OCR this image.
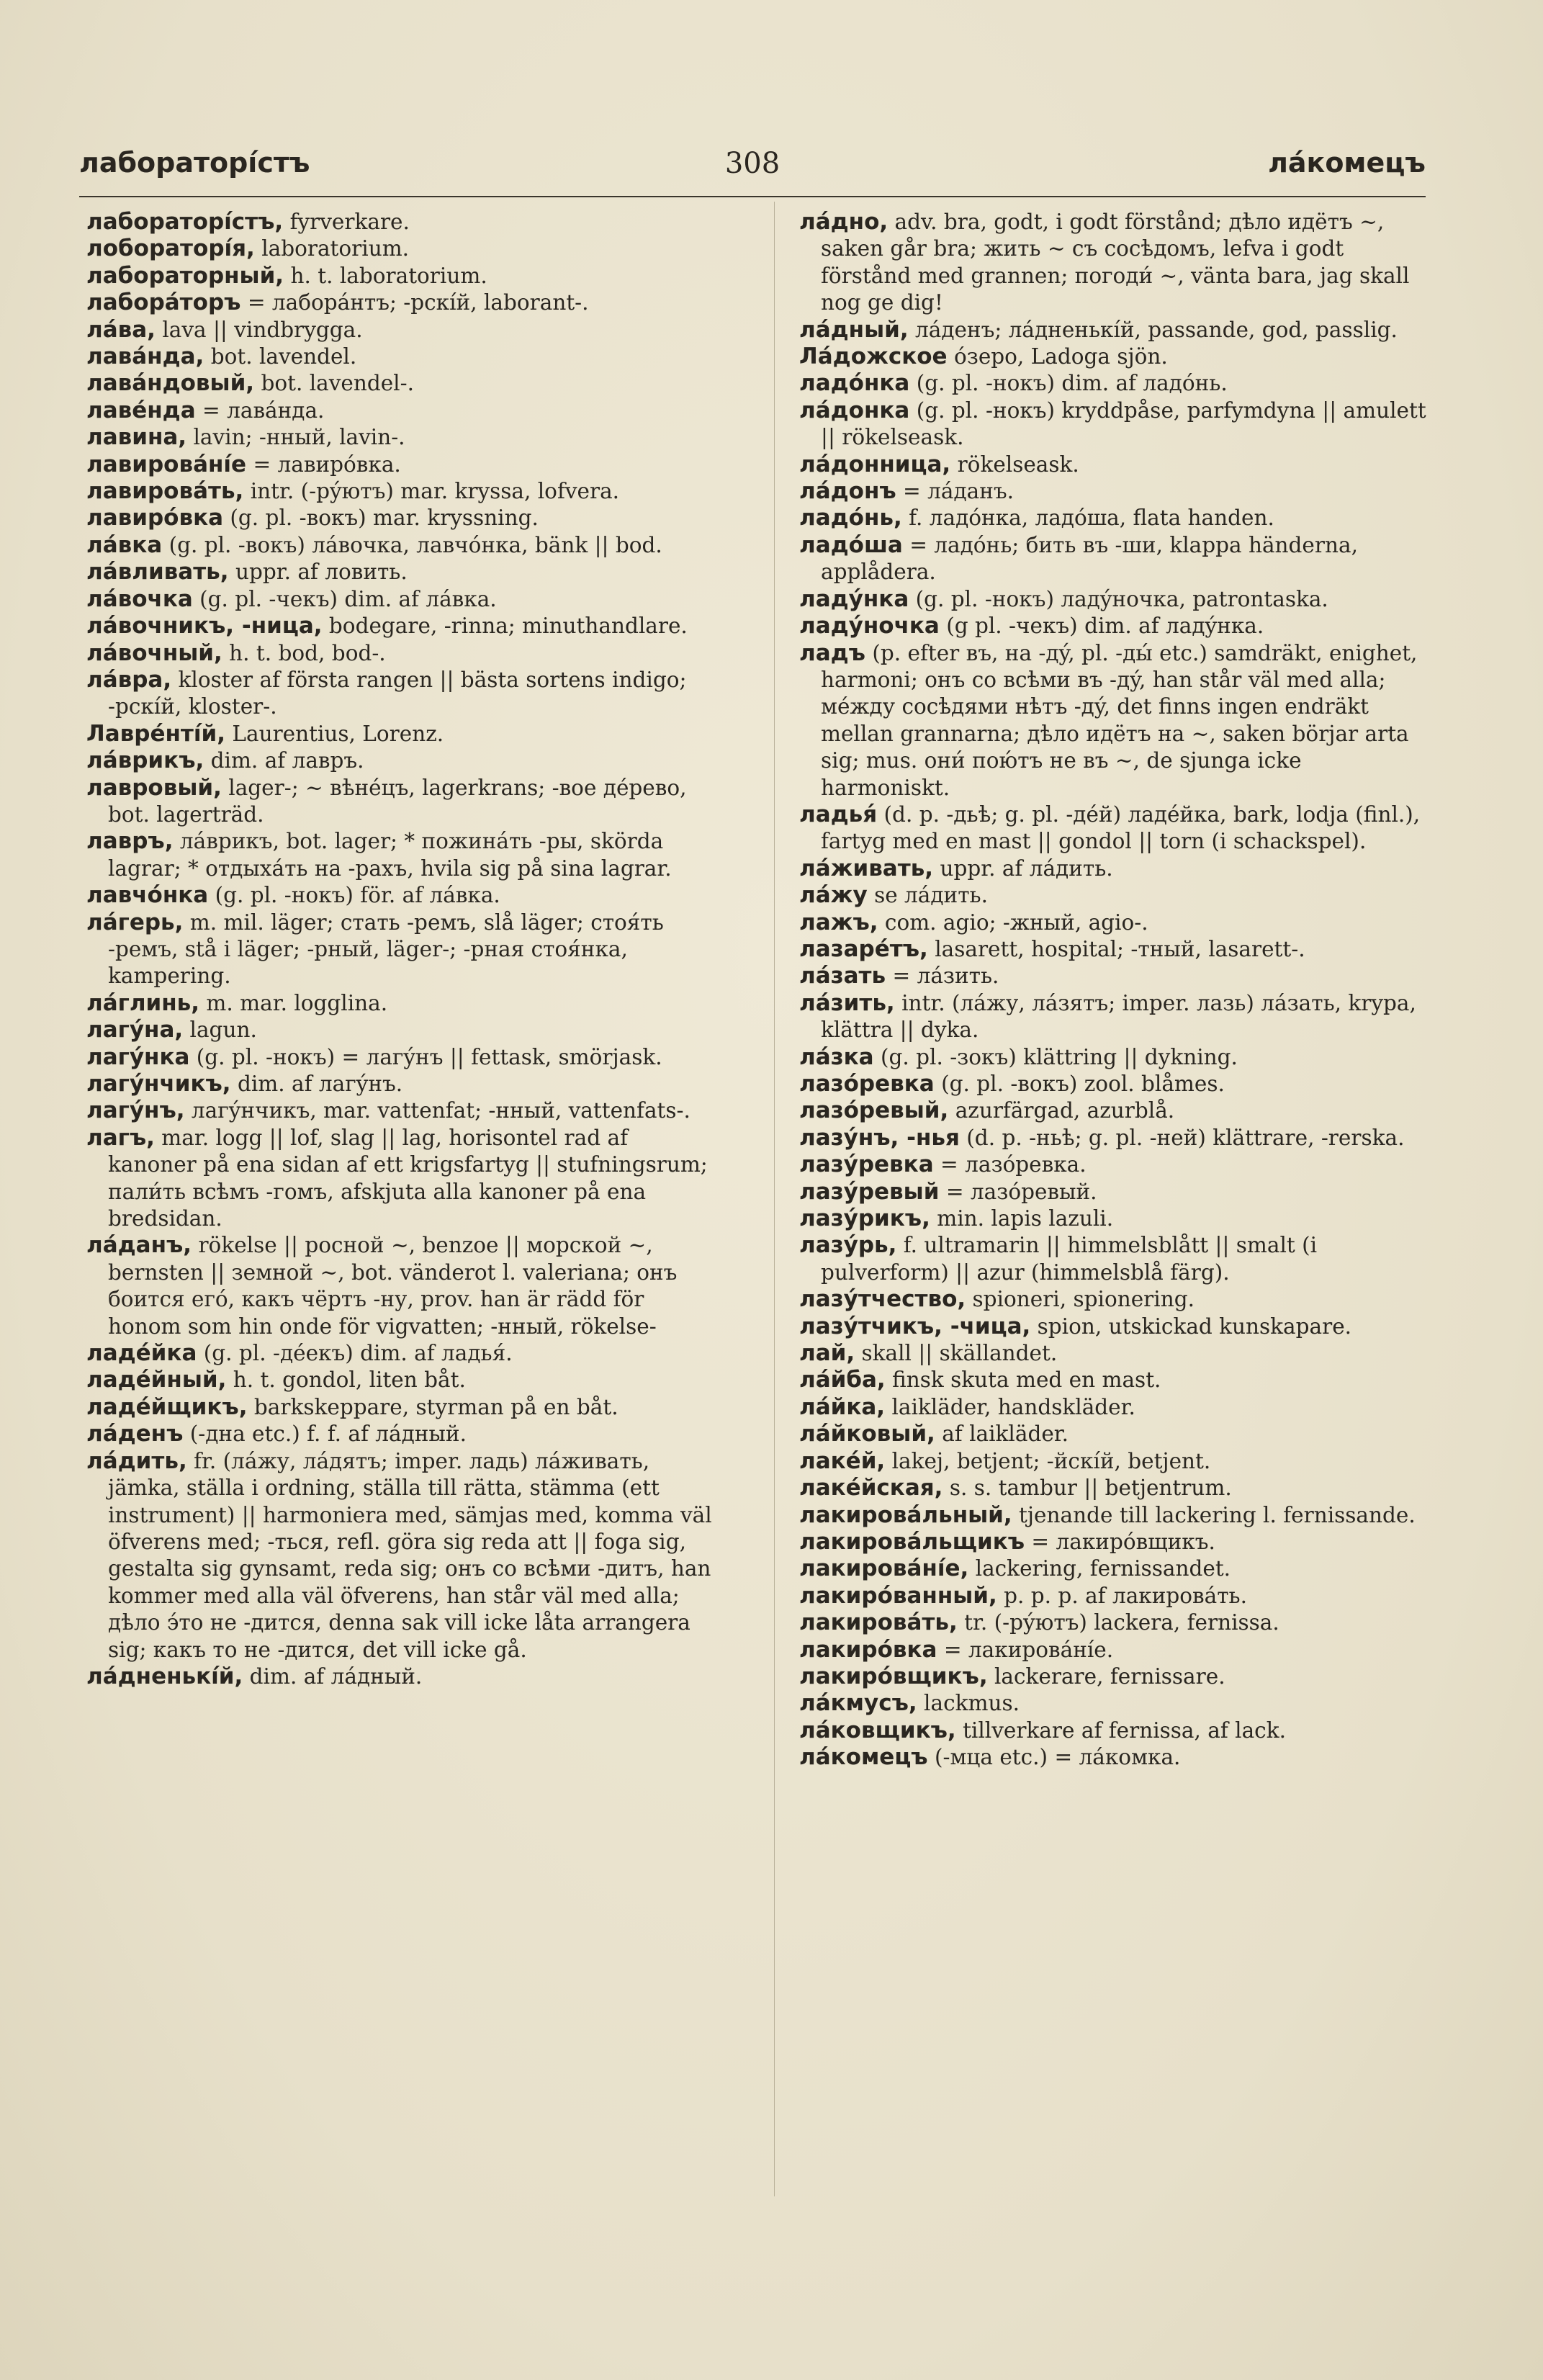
лабораторíстъ	308	лáкомецъ

лабораторíстъ, fyrverkare.

лобораторíя, laboratorium.

лабораторный, h. t. laboratorium.

лаборáторъ = лаборáнтъ; -рскíй, laborant-.

лáва, lava || vindbrygga.

лавáнда, bot. lavendel.

лавáндовый, bot. lavendel-.

лавéнда = лавáнда.

лавина, lavin; -нный, lavin-.

лавировáнíе = лавирóвка.

лавировáть, intr. (-рýютъ) mar. kryssa, lofvera.

лавирóвка (g. pl. -вокъ) mar. kryssning.

лáвка (g. pl. -вокъ) лáвочка, лавчóнка, bänk || bod.

лáвливать, uppr. af ловить.

лáвочка (g. pl. -чекъ) dim. af лáвка.

лáвочникъ, -ница, bodegare, -rinna; minuthandlare.

лáвочный, h. t. bod, bod-.

лáвра, kloster af första rangen || bästa sortens indigo; -рскíй, kloster-.

Лаврéнтíй, Laurentius, Lorenz.

лáврикъ, dim. af лавръ.

лавровый, lager-; ~ вѣнéцъ, lagerkrans; -вое дéрево, bot. lagerträd.

лавръ, лáврикъ, bot. lager; * пожинáть -ры, skörda lagrar; * отдыхáть на -рахъ, hvila sig på sina lagrar.

лавчóнка (g. pl. -нокъ) för. af лáвка.

лáгерь, m. mil. läger; стать -ремъ, slå läger; стоя́ть -ремъ, stå i läger; -рный, läger-; -рная стоя́нка, kampering.

лáглинь, m. mar. logglina.

лагýна, lagun.

лагýнка (g. pl. -нокъ) = лагýнъ || fettask, smörjask.

лагýнчикъ, dim. af лагýнъ.

лагýнъ, лагýнчикъ, mar. vattenfat; -нный, vattenfats-.

лагъ, mar. logg || lof, slag || lag, horisontel rad af kanoner på ena sidan af ett krigsfartyg || stufningsrum; пали́ть всѣмъ -гомъ, afskjuta alla kanoner på ena bredsidan.

лáданъ, rökelse || росной ~, benzoe || морской ~, bernsten || земной ~, bot. vänderot l. valeriana; онъ боится егó, какъ чёртъ -ну, prov. han är rädd för honom som hin onde för vigvatten; -нный, rökelse-

ладéйка (g. pl. -дéекъ) dim. af ладья́.

ладéйный, h. t. gondol, liten båt.

ладéйщикъ, barkskeppare, styrman på en båt.

лáденъ (-дна etc.) f. f. af лáдный.

лáдить, fr. (лáжу, лáдятъ; imper. ладь) лáживать, jämka, ställa i ordning, ställa till rätta, stämma (ett instrument) || harmoniera med, sämjas med, komma väl öfverens med; -ться, refl. göra sig reda att || foga sig, gestalta sig gynsamt, reda sig; онъ со всѣми -дитъ, han kommer med alla väl öfverens, han står väl med alla; дѣло э́то не -дится, denna sak vill icke låta arrangera sig; какъ то не -дится, det vill icke gå.

лáдненькíй, dim. af лáдный.

лáдно, adv. bra, godt, i godt förstånd; дѣло идётъ ~, saken går bra; жить ~ съ сосѣдомъ, lefva i godt förstånd med grannen; погоди́ ~, vänta bara, jag skall nog ge dig!

лáдный, лáденъ; лáдненькíй, passande, god, passlig.

Лáдожское óзеро, Ladoga sjön.

ладóнка (g. pl. -нокъ) dim. af ладóнь.

лáдонка (g. pl. -нокъ) kryddpåse, parfymdyna || amulett || rökelseask.

лáдонница, rökelseask.

лáдонъ = лáданъ.

ладóнь, f. ладóнка, ладóша, flata handen.

ладóша = ладóнь; бить въ -ши, klappa händerna, applådera.

ладýнка (g. pl. -нокъ) ладýночка, patrontaska.

ладýночка (g pl. -чекъ) dim. af ладýнка.

ладъ (p. efter въ, на -дý, pl. -ды́ etc.) samdräkt, enighet, harmoni; онъ со всѣми въ -дý, han står väl med alla; мéжду сосѣдями нѣтъ -дý, det finns ingen endräkt mellan grannarna; дѣло идётъ на ~, saken börjar arta sig; mus. они́ пою́тъ не въ ~, de sjunga icke harmoniskt.

ладья́ (d. p. -дьѣ; g. pl. -дéй) ладéйка, bark, lodja (finl.), fartyg med en mast || gondol || torn (i schackspel).

лáживать, uppr. af лáдить.

лáжу se лáдить.

лажъ, com. agio; -жный, agio-.

лазарéтъ, lasarett, hospital; -тный, lasarett-.

лáзать = лáзить.

лáзить, intr. (лáжу, лáзятъ; imper. лазь) лáзать, krypa, klättra || dyka.

лáзка (g. pl. -зокъ) klättring || dykning.

лазóревка (g. pl. -вокъ) zool. blåmes.

лазóревый, azurfärgad, azurblå.

лазýнъ, -нья (d. p. -ньѣ; g. pl. -ней) klättrare, -rerska.

лазýревка = лазóревка.

лазýревый = лазóревый.

лазýрикъ, min. lapis lazuli.

лазýрь, f. ultramarin || himmelsblått || smalt (i pulverform) || azur (himmelsblå färg).

лазýтчество, spioneri, spionering.

лазýтчикъ, -чица, spion, utskickad kunskapare.

лай, skall || skällandet.

лáйба, finsk skuta med en mast.

лáйка, laikläder, handskläder.

лáйковый, af laikläder.

лакéй, lakej, betjent; -йскíй, betjent.

лакéйская, s. s. tambur || betjentrum.

лакировáльный, tjenande till lackering l. fernissande.

лакировáльщикъ = лакирóвщикъ.

лакировáнíе, lackering, fernissandet.

лакирóванный, p. p. p. af лакировáть.

лакировáть, tr. (-рýютъ) lackera, fernissa.

лакирóвка = лакировáнíе.

лакирóвщикъ, lackerare, fernissare.

лáкмусъ, lackmus.

лáковщикъ, tillverkare af fernissa, af lack.

лáкомецъ (-мца etc.) = лáкомка.
